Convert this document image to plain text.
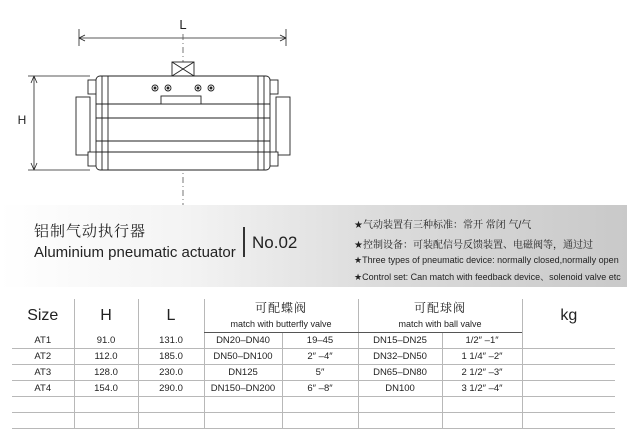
L
H
铝制气动执行器
Aluminium pneumatic actuator
No.02
★气动装置有三种标准：常开 常闭 气/气
★控制设备：可装配信号反馈装置、电磁阀等，通过过
★Three types of pneumatic device: normally closed,normally open
★Control set: Can match with feedback device、solenoid valve etc
Size	H	L	可配蝶阀		可配球阀		kg
			match with butterfly valve		match with ball valve		
AT1	91.0	131.0	DN20–DN40	19–45	DN15–DN25	1/2″ –1″	
AT2	112.0	185.0	DN50–DN100	2″ –4″	DN32–DN50	1 1/4″ –2″	
AT3	128.0	230.0	DN125	5″	DN65–DN80	2 1/2″ –3″	
AT4	154.0	290.0	DN150–DN200	6″ –8″	DN100	3 1/2″ –4″	
